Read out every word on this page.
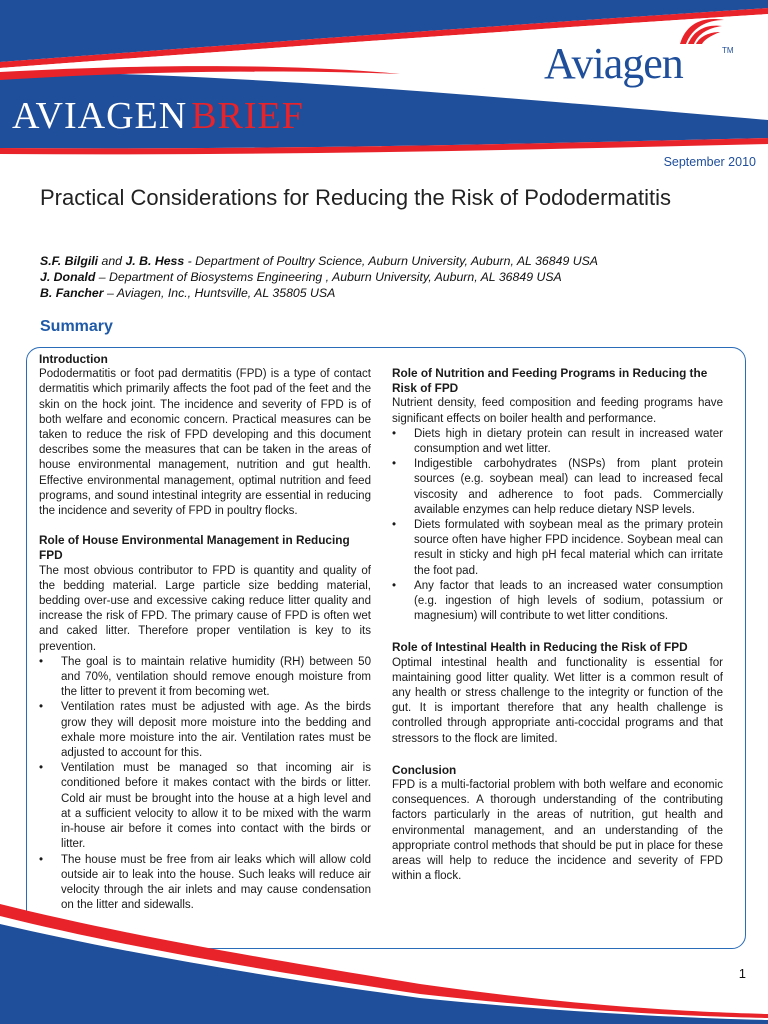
AVIAGEN BRIEF
Aviagen	TM
September 2010
Practical Considerations for Reducing the Risk of Pododermatitis
S.F. Bilgili and J. B. Hess - Department of Poultry Science, Auburn University, Auburn, AL 36849 USA
J. Donald – Department of Biosystems Engineering , Auburn University, Auburn, AL 36849 USA
B. Fancher – Aviagen, Inc., Huntsville, AL 35805 USA
Summary
Introduction

Pododermatitis or foot pad dermatitis (FPD) is a type of contact dermatitis which primarily affects the foot pad of the feet and the skin on the hock joint. The incidence and severity of FPD is of both welfare and economic concern. Practical measures can be taken to reduce the risk of FPD developing and this document describes some the measures that can be taken in the areas of house environmental management, nutrition and gut health. Effective environmental management, optimal nutrition and feed programs, and sound intestinal integrity are essential in reducing the incidence and severity of FPD in poultry flocks.

Role of House Environmental Management in Reducing FPD

The most obvious contributor to FPD is quantity and quality of the bedding material. Large particle size bedding material, bedding over-use and excessive caking reduce litter quality and increase the risk of FPD. The primary cause of FPD is often wet and caked litter. Therefore proper ventilation is key to its prevention.

• The goal is to maintain relative humidity (RH) between 50 and 70%, ventilation should remove enough moisture from the litter to prevent it from becoming wet.
• Ventilation rates must be adjusted with age. As the birds grow they will deposit more moisture into the bedding and exhale more moisture into the air. Ventilation rates must be adjusted to account for this.
• Ventilation must be managed so that incoming air is conditioned before it makes contact with the birds or litter. Cold air must be brought into the house at a high level and at a sufficient velocity to allow it to be mixed with the warm in-house air before it comes into contact with the birds or litter.
• The house must be free from air leaks which will allow cold outside air to leak into the house. Such leaks will reduce air velocity through the air inlets and may cause condensation on the litter and sidewalls.
Role of Nutrition and Feeding Programs in Reducing the Risk of FPD

Nutrient density, feed composition and feeding programs have significant effects on boiler health and performance.

• Diets high in dietary protein can result in increased water consumption and wet litter.
• Indigestible carbohydrates (NSPs) from plant protein sources (e.g. soybean meal) can lead to increased fecal viscosity and adherence to foot pads. Commercially available enzymes can help reduce dietary NSP levels.
• Diets formulated with soybean meal as the primary protein source often have higher FPD incidence. Soybean meal can result in sticky and high pH fecal material which can irritate the foot pad.
• Any factor that leads to an increased water consumption (e.g. ingestion of high levels of sodium, potassium or magnesium) will contribute to wet litter conditions.
Role of Intestinal Health in Reducing the Risk of FPD

Optimal intestinal health and functionality is essential for maintaining good litter quality. Wet litter is a common result of any health or stress challenge to the integrity or function of the gut. It is important therefore that any health challenge is controlled through appropriate anti-coccidal programs and that stressors to the flock are limited.

Conclusion

FPD is a multi-factorial problem with both welfare and economic consequences. A thorough understanding of the contributing factors particularly in the areas of nutrition, gut health and environmental management, and an understanding of the appropriate control methods that should be put in place for these areas will help to reduce the incidence and severity of FPD within a flock.

1
